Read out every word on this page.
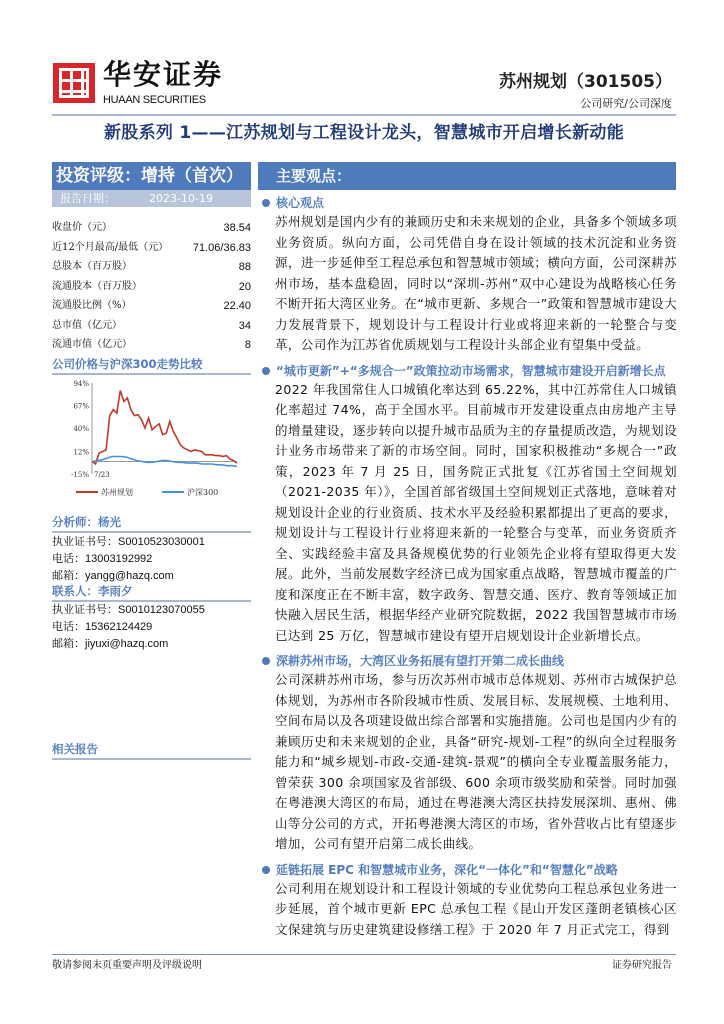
华安证券
HUAAN SECURITIES
苏州规划（301505）
公司研究/公司深度
新股系列 1——江苏规划与工程设计龙头，智慧城市开启增长新动能
投资评级：增持（首次）
报告日期：	2023-10-19
收盘价（元）	38.54
近12个月最高/最低（元） 71.06/36.83
总股本（百万股）	88
流通股本（百万股）	20
流通股比例（%）	22.40
总市值（亿元）	34
流通市值（亿元）	8
公司价格与沪深300走势比较
94%
67%
40%
12%
-15% 7/23
苏州规划	沪深300
分析师：杨光
执业证书号：S0010523030001
电话：13003192992
邮箱：yangg@hazq.com
联系人：李雨夕
执业证书号：S0010123070055
电话：15362124429
邮箱：jiyuxi@hazq.com
相关报告
主要观点：
核心观点
苏州规划是国内少有的兼顾历史和未来规划的企业，具备多个领域多项业务资质。纵向方面，公司凭借自身在设计领域的技术沉淀和业务资源，进一步延伸至工程总承包和智慧城市领域；横向方面，公司深耕苏州市场，基本盘稳固，同时以“深圳-苏州”双中心建设为战略核心任务不断开拓大湾区业务。在“城市更新、多规合一”政策和智慧城市建设大力发展背景下，规划设计与工程设计行业或将迎来新的一轮整合与变革，公司作为江苏省优质规划与工程设计头部企业有望集中受益。
“城市更新”+“多规合一”政策拉动市场需求，智慧城市建设开启新增长点
2022 年我国常住人口城镇化率达到 65.22%，其中江苏常住人口城镇化率超过 74%，高于全国水平。目前城市开发建设重点由房地产主导的增量建设，逐步转向以提升城市品质为主的存量提质改造，为规划设计业务市场带来了新的市场空间。同时，国家积极推动“多规合一”政策，2023 年 7 月 25 日，国务院正式批复《江苏省国土空间规划（2021-2035 年）》，全国首部省级国土空间规划正式落地，意味着对规划设计企业的行业资质、技术水平及经验积累都提出了更高的要求，规划设计与工程设计行业将迎来新的一轮整合与变革，而业务资质齐全、实践经验丰富及具备规模优势的行业领先企业将有望取得更大发展。此外，当前发展数字经济已成为国家重点战略，智慧城市覆盖的广度和深度正在不断丰富，数字政务、智慧交通、医疗、教育等领域正加快融入居民生活，根据华经产业研究院数据，2022 我国智慧城市市场已达到 25 万亿，智慧城市建设有望开启规划设计企业新增长点。
深耕苏州市场，大湾区业务拓展有望打开第二成长曲线
公司深耕苏州市场，参与历次苏州市城市总体规划、苏州市古城保护总体规划，为苏州市各阶段城市性质、发展目标、发展规模、土地利用、空间布局以及各项建设做出综合部署和实施措施。公司也是国内少有的兼顾历史和未来规划的企业，具备“研究-规划-工程”的纵向全过程服务能力和“城乡规划-市政-交通-建筑-景观”的横向全专业覆盖服务能力，曾荣获 300 余项国家及省部级、600 余项市级奖励和荣誉。同时加强在粤港澳大湾区的布局，通过在粤港澳大湾区扶持发展深圳、惠州、佛山等分公司的方式，开拓粤港澳大湾区的市场，省外营收占比有望逐步增加，公司有望开启第二成长曲线。
延链拓展 EPC 和智慧城市业务，深化“一体化”和“智慧化”战略
公司利用在规划设计和工程设计领域的专业优势向工程总承包业务进一步延展，首个城市更新 EPC 总承包工程《昆山开发区蓬朗老镇核心区文保建筑与历史建筑建设修缮工程》于 2020 年 7 月正式完工，得到
敬请参阅末页重要声明及评级说明	证券研究报告
